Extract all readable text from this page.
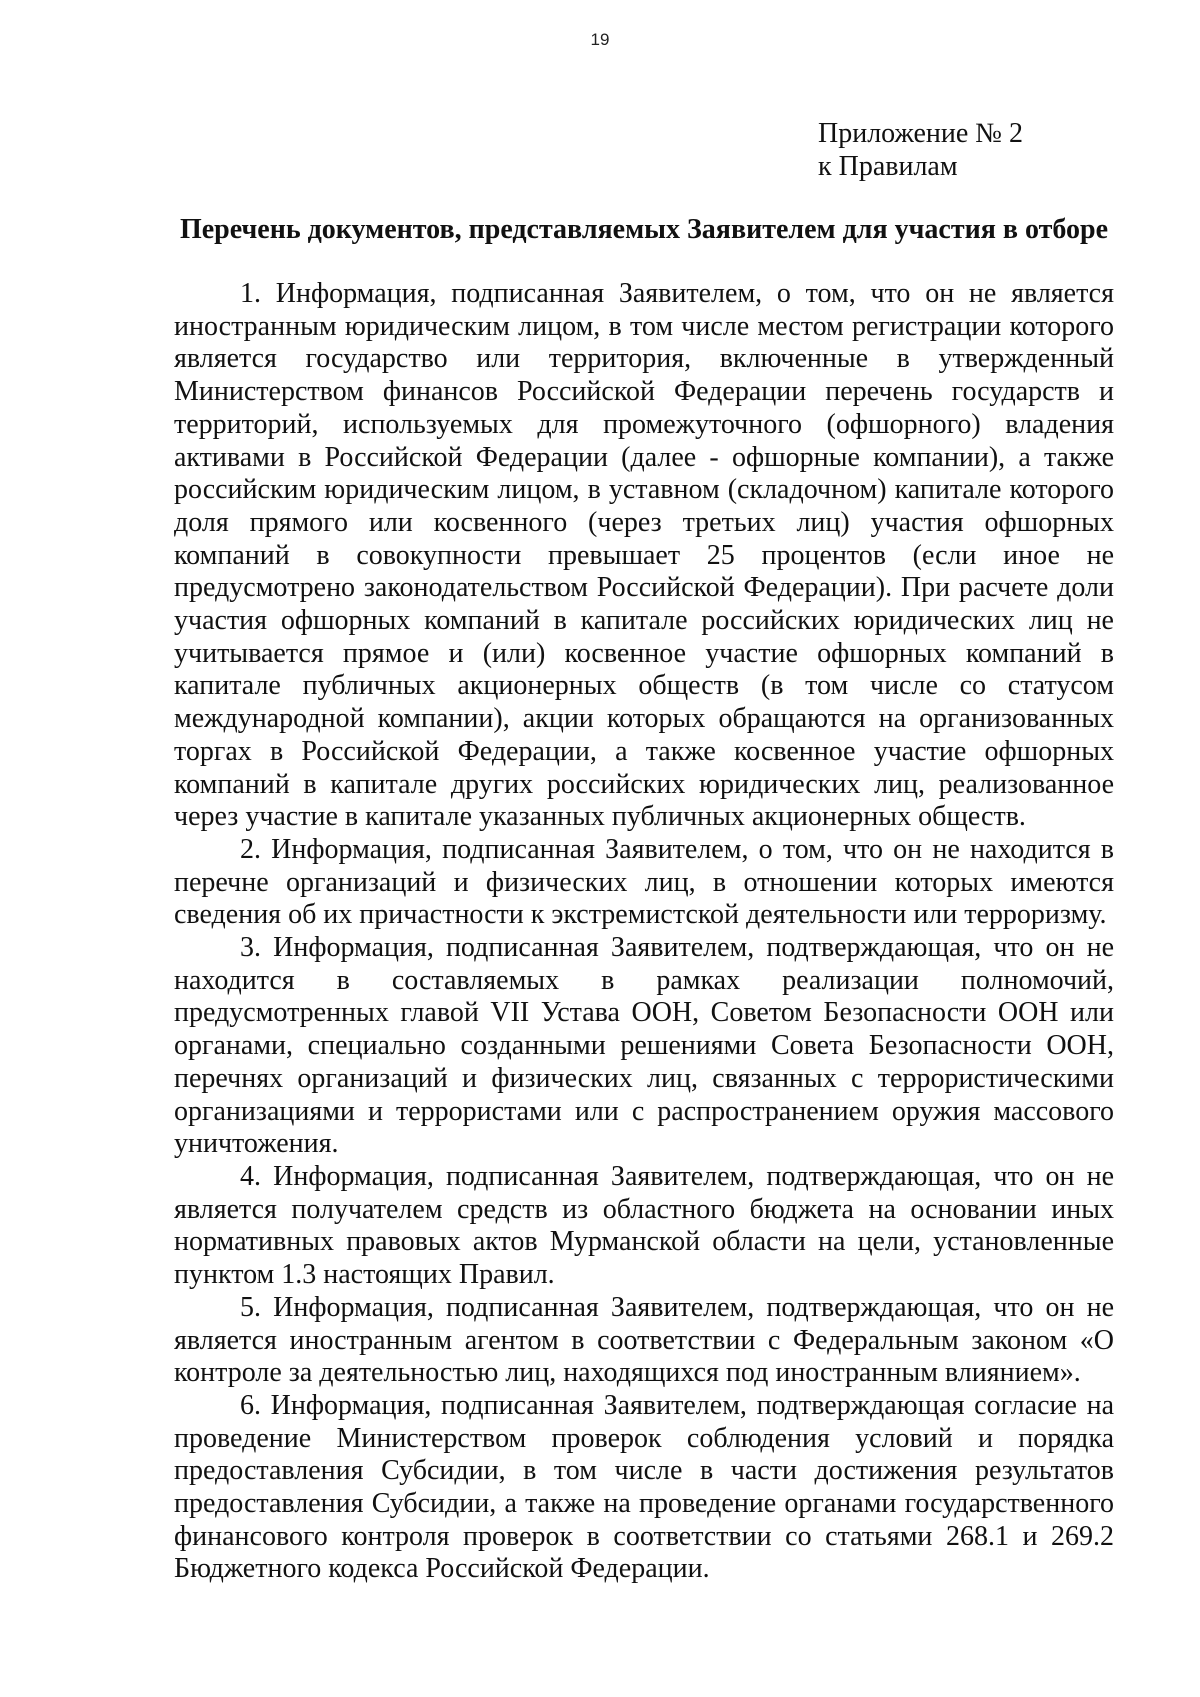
19
Приложение № 2
к Правилам
Перечень документов, представляемых Заявителем для участия в отборе

1. Информация, подписанная Заявителем, о том, что он не является иностранным юридическим лицом, в том числе местом регистрации которого является государство или территория, включенные в утвержденный Министерством финансов Российской Федерации перечень государств и территорий, используемых для промежуточного (офшорного) владения активами в Российской Федерации (далее - офшорные компании), а также российским юридическим лицом, в уставном (складочном) капитале которого доля прямого или косвенного (через третьих лиц) участия офшорных компаний в совокупности превышает 25 процентов (если иное не предусмотрено законодательством Российской Федерации). При расчете доли участия офшорных компаний в капитале российских юридических лиц не учитывается прямое и (или) косвенное участие офшорных компаний в капитале публичных акционерных обществ (в том числе со статусом международной компании), акции которых обращаются на организованных торгах в Российской Федерации, а также косвенное участие офшорных компаний в капитале других российских юридических лиц, реализованное через участие в капитале указанных публичных акционерных обществ.

2. Информация, подписанная Заявителем, о том, что он не находится в перечне организаций и физических лиц, в отношении которых имеются сведения об их причастности к экстремистской деятельности или терроризму.

3. Информация, подписанная Заявителем, подтверждающая, что он не находится в составляемых в рамках реализации полномочий, предусмотренных главой VII Устава ООН, Советом Безопасности ООН или органами, специально созданными решениями Совета Безопасности ООН, перечнях организаций и физических лиц, связанных с террористическими организациями и террористами или с распространением оружия массового уничтожения.

4. Информация, подписанная Заявителем, подтверждающая, что он не является получателем средств из областного бюджета на основании иных нормативных правовых актов Мурманской области на цели, установленные пунктом 1.3 настоящих Правил.

5. Информация, подписанная Заявителем, подтверждающая, что он не является иностранным агентом в соответствии с Федеральным законом «О контроле за деятельностью лиц, находящихся под иностранным влиянием».

6. Информация, подписанная Заявителем, подтверждающая согласие на проведение Министерством проверок соблюдения условий и порядка предоставления Субсидии, в том числе в части достижения результатов предоставления Субсидии, а также на проведение органами государственного финансового контроля проверок в соответствии со статьями 268.1 и 269.2 Бюджетного кодекса Российской Федерации.
